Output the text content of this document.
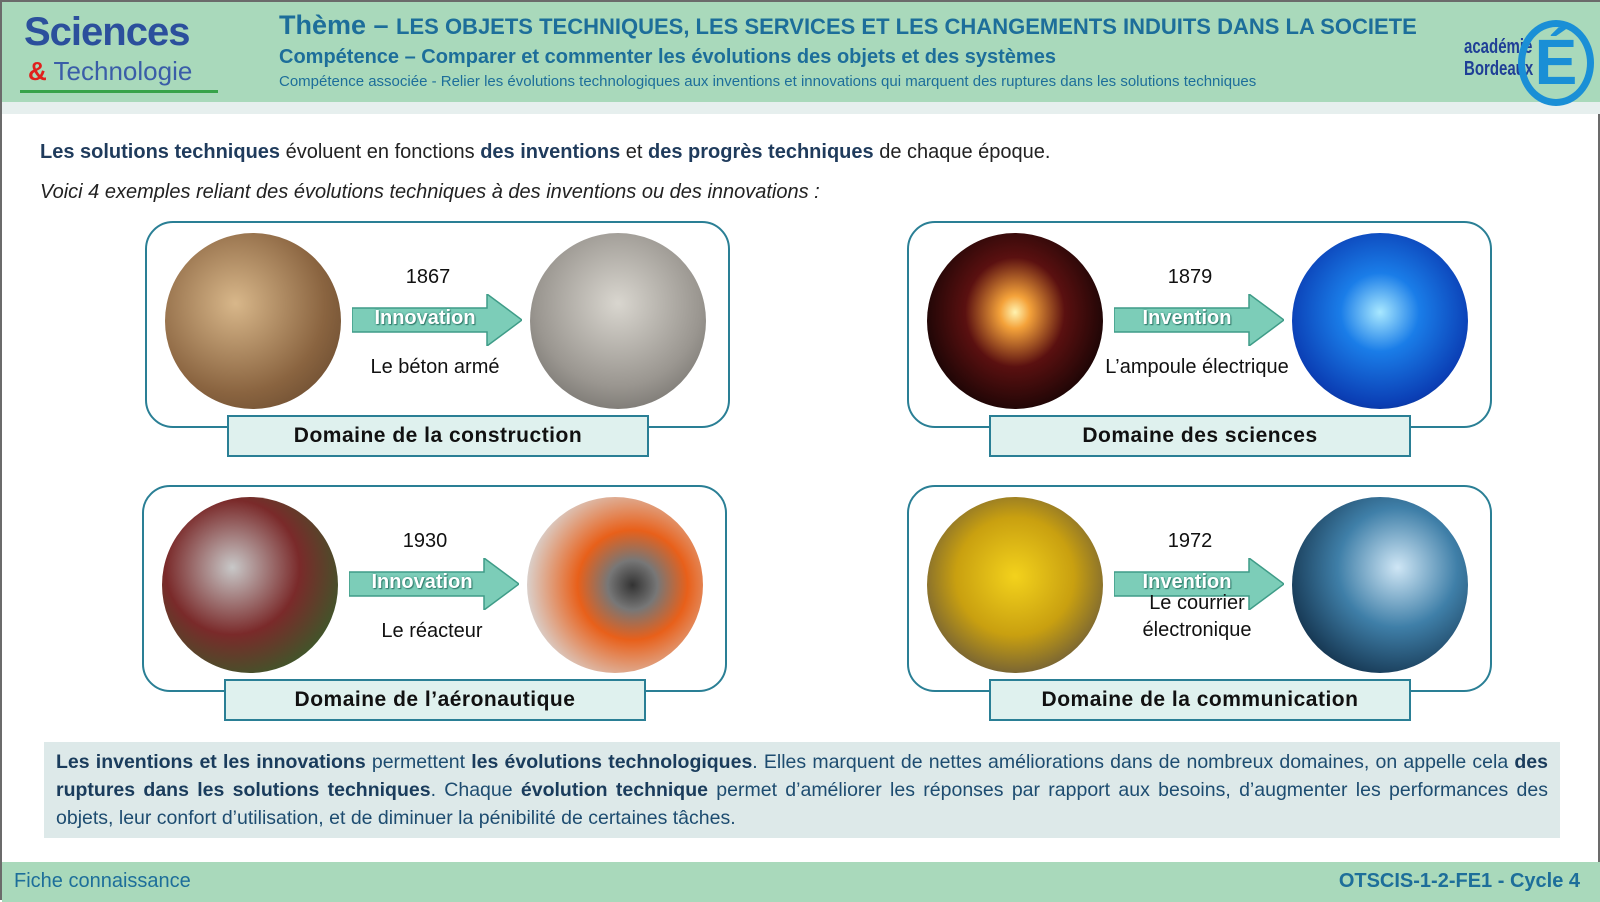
Sciences
& Technologie
Thème – LES OBJETS TECHNIQUES, LES SERVICES ET LES CHANGEMENTS INDUITS DANS LA SOCIETE
Compétence – Comparer et commenter les évolutions des objets et des systèmes
Compétence associée - Relier les évolutions technologiques aux inventions et innovations qui marquent des ruptures dans les solutions techniques
académie
Bordeaux É
Les solutions techniques évoluent en fonctions des inventions et des progrès techniques de chaque époque.
Voici 4 exemples reliant des évolutions techniques à des inventions ou des innovations :
1867
Innovation
Le béton armé
Domaine de la construction
1879
Invention
L’ampoule électrique
Domaine des sciences
1930
Innovation
Le réacteur
Domaine de l’aéronautique
1972
Invention
Le courrier électronique
Domaine de la communication
Les inventions et les innovations permettent les évolutions technologiques. Elles marquent de nettes améliorations dans de nombreux domaines, on appelle cela des ruptures dans les solutions techniques. Chaque évolution technique permet d’améliorer les réponses par rapport aux besoins, d’augmenter les performances des objets, leur confort d’utilisation, et de diminuer la pénibilité de certaines tâches.
Fiche connaissance	OTSCIS-1-2-FE1 - Cycle 4
